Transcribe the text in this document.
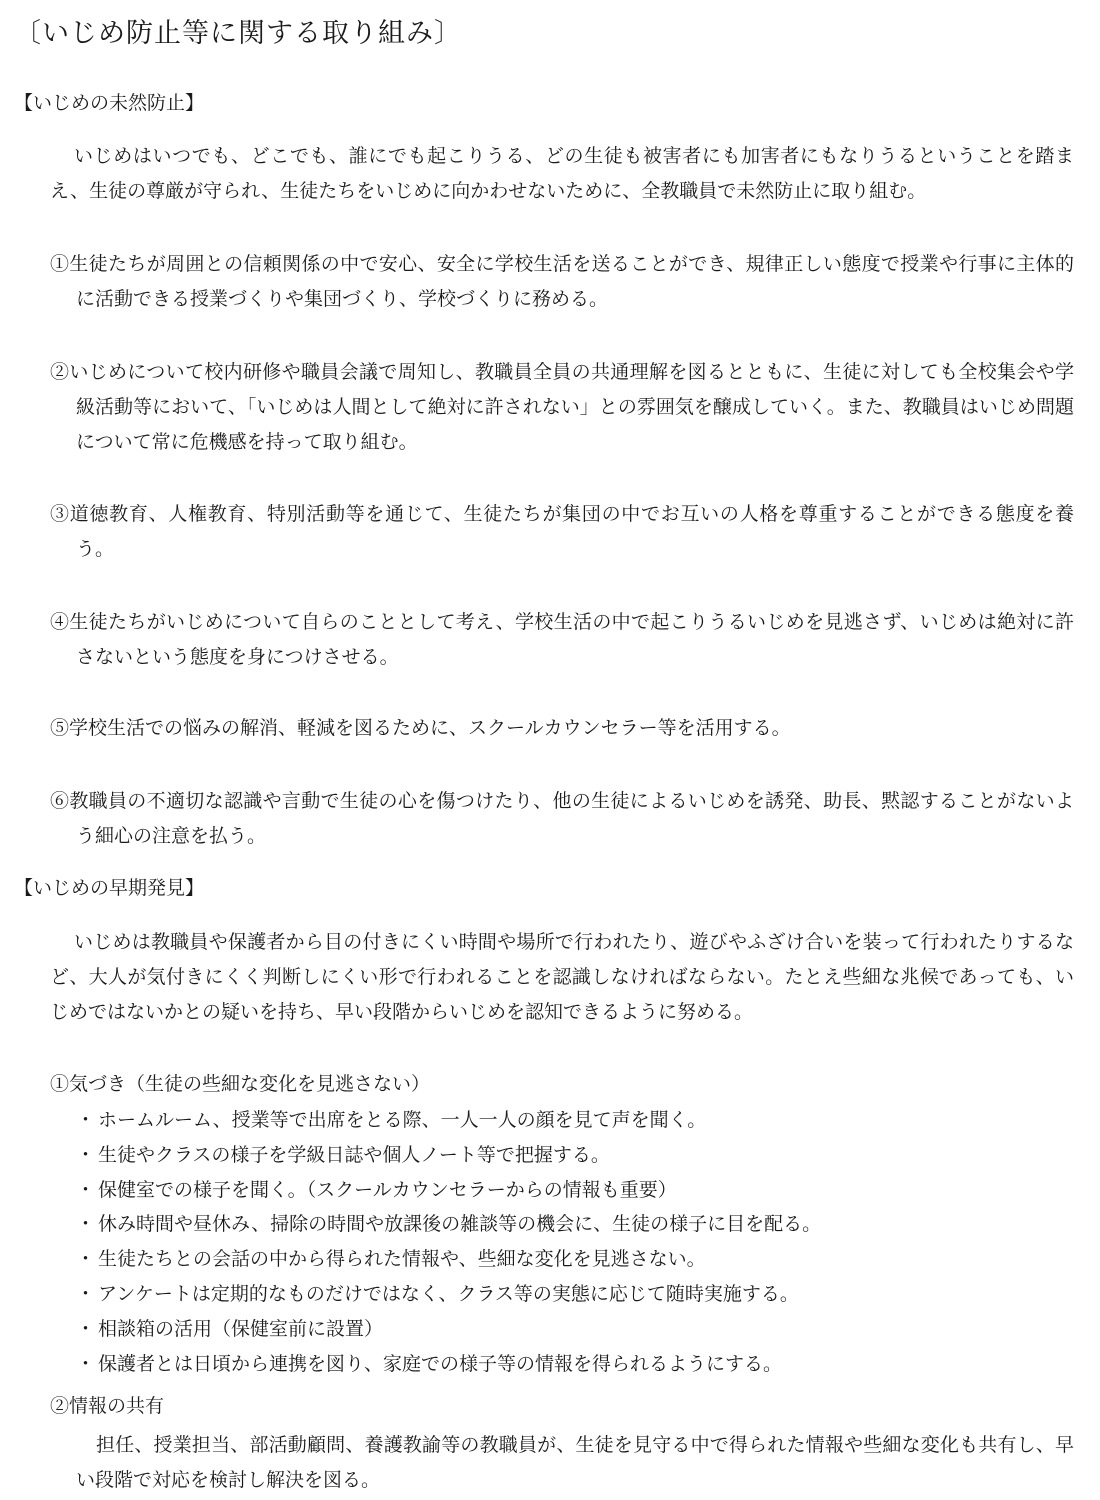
〔いじめ防止等に関する取り組み〕
【いじめの未然防止】
いじめはいつでも、どこでも、誰にでも起こりうる、どの生徒も被害者にも加害者にもなりうるということを踏まえ、生徒の尊厳が守られ、生徒たちをいじめに向かわせないために、全教職員で未然防止に取り組む。
①生徒たちが周囲との信頼関係の中で安心、安全に学校生活を送ることができ、規律正しい態度で授業や行事に主体的に活動できる授業づくりや集団づくり、学校づくりに務める。
②いじめについて校内研修や職員会議で周知し、教職員全員の共通理解を図るとともに、生徒に対しても全校集会や学級活動等において、「いじめは人間として絶対に許されない」との雰囲気を醸成していく。また、教職員はいじめ問題について常に危機感を持って取り組む。
③道徳教育、人権教育、特別活動等を通じて、生徒たちが集団の中でお互いの人格を尊重することができる態度を養う。
④生徒たちがいじめについて自らのこととして考え、学校生活の中で起こりうるいじめを見逃さず、いじめは絶対に許さないという態度を身につけさせる。
⑤学校生活での悩みの解消、軽減を図るために、スクールカウンセラー等を活用する。
⑥教職員の不適切な認識や言動で生徒の心を傷つけたり、他の生徒によるいじめを誘発、助長、黙認することがないよう細心の注意を払う。
【いじめの早期発見】
いじめは教職員や保護者から目の付きにくい時間や場所で行われたり、遊びやふざけ合いを装って行われたりするなど、大人が気付きにくく判断しにくい形で行われることを認識しなければならない。たとえ些細な兆候であっても、いじめではないかとの疑いを持ち、早い段階からいじめを認知できるように努める。
①気づき（生徒の些細な変化を見逃さない）
・ ホームルーム、授業等で出席をとる際、一人一人の顔を見て声を聞く。
・ 生徒やクラスの様子を学級日誌や個人ノート等で把握する。
・ 保健室での様子を聞く。（スクールカウンセラーからの情報も重要）
・ 休み時間や昼休み、掃除の時間や放課後の雑談等の機会に、生徒の様子に目を配る。
・ 生徒たちとの会話の中から得られた情報や、些細な変化を見逃さない。
・ アンケートは定期的なものだけではなく、クラス等の実態に応じて随時実施する。
・ 相談箱の活用（保健室前に設置）
・ 保護者とは日頃から連携を図り、家庭での様子等の情報を得られるようにする。
②情報の共有
担任、授業担当、部活動顧問、養護教諭等の教職員が、生徒を見守る中で得られた情報や些細な変化も共有し、早い段階で対応を検討し解決を図る。
